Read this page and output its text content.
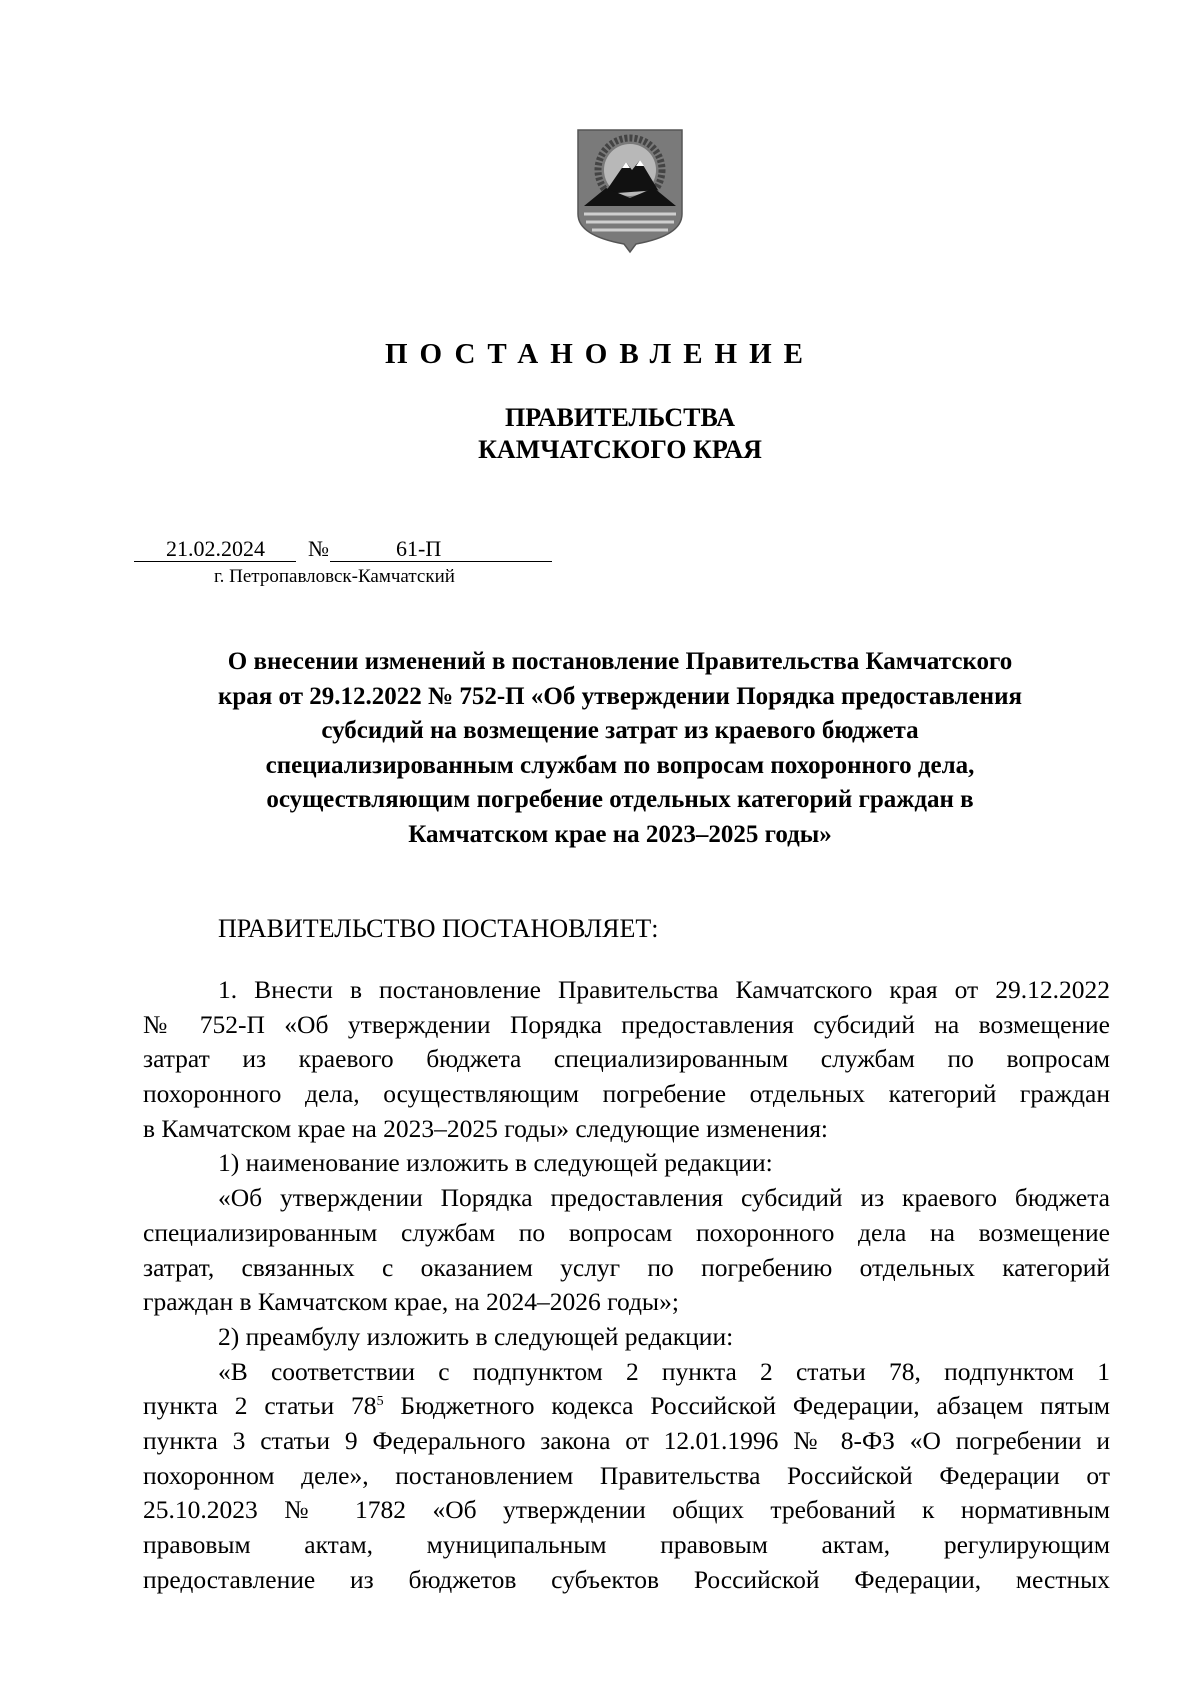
ПОСТАНОВЛЕНИЕ
ПРАВИТЕЛЬСТВА
КАМЧАТСКОГО КРАЯ
21.02.2024 №	61-П
г. Петропавловск-Камчатский
О внесении изменений в постановление Правительства Камчатского
края от 29.12.2022 № 752-П «Об утверждении Порядка предоставления
субсидий на возмещение затрат из краевого бюджета
специализированным службам по вопросам похоронного дела,
осуществляющим погребение отдельных категорий граждан в
Камчатском крае на 2023–2025 годы»
ПРАВИТЕЛЬСТВО ПОСТАНОВЛЯЕТ:
1. Внести в постановление Правительства Камчатского края от 29.12.2022
№ 752-П «Об утверждении Порядка предоставления субсидий на возмещение
затрат из краевого бюджета специализированным службам по вопросам
похоронного дела, осуществляющим погребение отдельных категорий граждан
в Камчатском крае на 2023–2025 годы» следующие изменения:
1) наименование изложить в следующей редакции:
«Об утверждении Порядка предоставления субсидий из краевого бюджета
специализированным службам по вопросам похоронного дела на возмещение
затрат, связанных с оказанием услуг по погребению отдельных категорий
граждан в Камчатском крае, на 2024–2026 годы»;
2) преамбулу изложить в следующей редакции:
«В соответствии с подпунктом 2 пункта 2 статьи 78, подпунктом 1
пункта 2 статьи $78^5$ Бюджетного кодекса Российской Федерации, абзацем пятым
пункта 3 статьи 9 Федерального закона от 12.01.1996 № 8-ФЗ «О погребении и
похоронном деле», постановлением Правительства Российской Федерации от
25.10.2023 № 1782 «Об утверждении общих требований к нормативным
правовым актам, муниципальным правовым актам, регулирующим
предоставление из бюджетов субъектов Российской Федерации, местных
